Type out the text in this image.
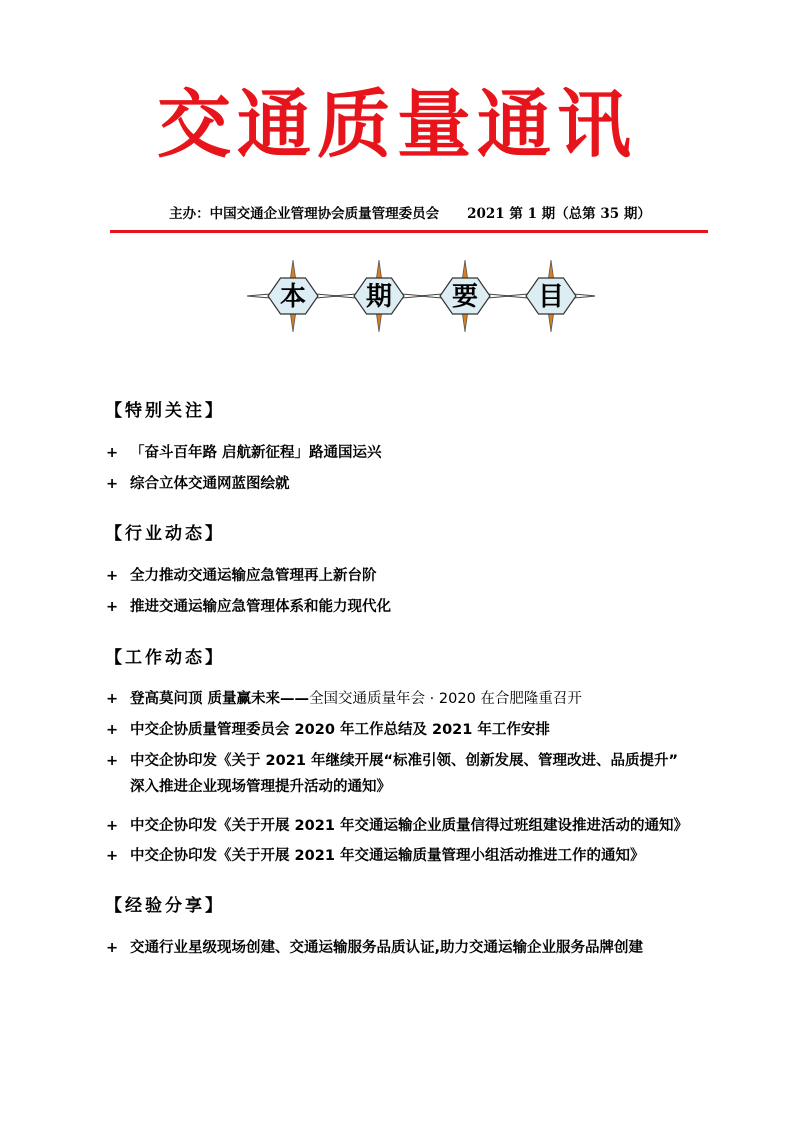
交通质量通讯
主办：中国交通企业管理协会质量管理委员会 2021 第 1 期（总第 35 期）
本 期 要 目
【特别关注】
+ 「奋斗百年路 启航新征程」路通国运兴
+ 综合立体交通网蓝图绘就
【行业动态】
+ 全力推动交通运输应急管理再上新台阶
+ 推进交通运输应急管理体系和能力现代化
【工作动态】
+ 登高莫问顶 质量赢未来——全国交通质量年会 · 2020 在合肥隆重召开
+ 中交企协质量管理委员会 2020 年工作总结及 2021 年工作安排
+ 中交企协印发《关于 2021 年继续开展“标准引领、创新发展、管理改进、品质提升”
深入推进企业现场管理提升活动的通知》
+ 中交企协印发《关于开展 2021 年交通运输企业质量信得过班组建设推进活动的通知》
+ 中交企协印发《关于开展 2021 年交通运输质量管理小组活动推进工作的通知》
【经验分享】
+ 交通行业星级现场创建、交通运输服务品质认证,助力交通运输企业服务品牌创建
